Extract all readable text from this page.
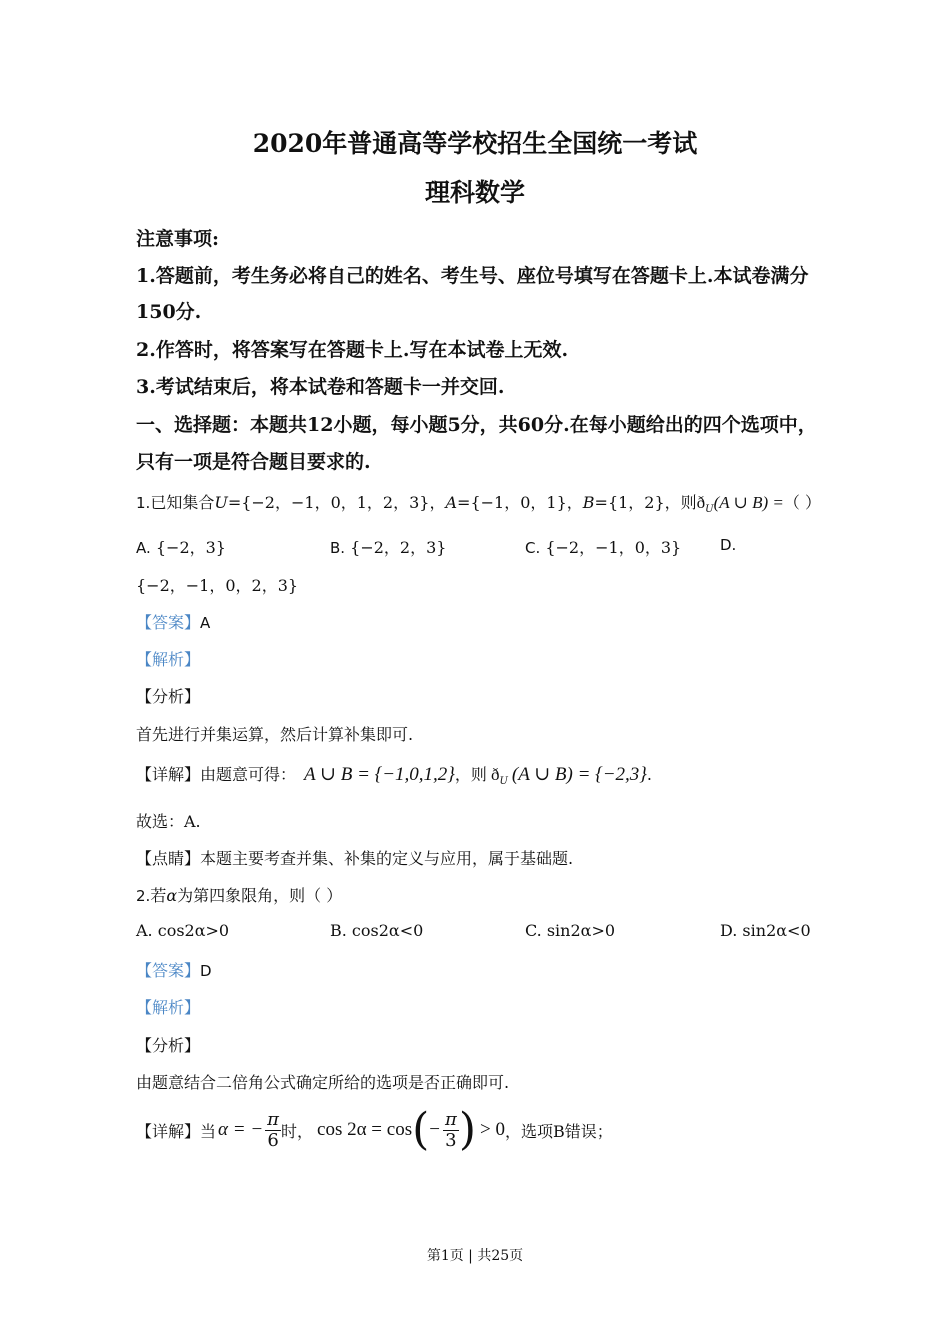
2020年普通高等学校招生全国统一考试
理科数学
注意事项:
1.答题前，考生务必将自己的姓名、考生号、座位号填写在答题卡上.本试卷满分
150分.
2.作答时，将答案写在答题卡上.写在本试卷上无效.
3.考试结束后，将本试卷和答题卡一并交回.
一、选择题：本题共12小题，每小题5分，共60分.在每小题给出的四个选项中，
只有一项是符合题目要求的.
1.已知集合U={−2，−1，0，1，2，3}，A={−1，0，1}，B={1，2}，则$ð_U(A$ ∪ B) =（ ）
A. {−2，3}	B. {−2，2，3}	C. {−2，−1，0，3}	D.
{−2，−1，0，2，3}
【答案】A
【解析】
【分析】
首先进行并集运算，然后计算补集即可.
【详解】由题意可得： A ∪ B = {−1,0,1,2}，则 $ð_U$ (A ∪ B) = {−2,3}.
故选：A.
【点睛】本题主要考查并集、补集的定义与应用，属于基础题.
2.若α为第四象限角，则（ ）
A. cos2α>0	B. cos2α<0	C. sin2α>0	D. sin2α<0
【答案】D
【解析】
【分析】
由题意结合二倍角公式确定所给的选项是否正确即可.
【详解】 当 α = − $\frac{\pi}{6}$ 时， cos 2α = cos ( − $\frac{\pi}{3}$ ) > 0 ，选项B错误；
第1页 | 共25页
